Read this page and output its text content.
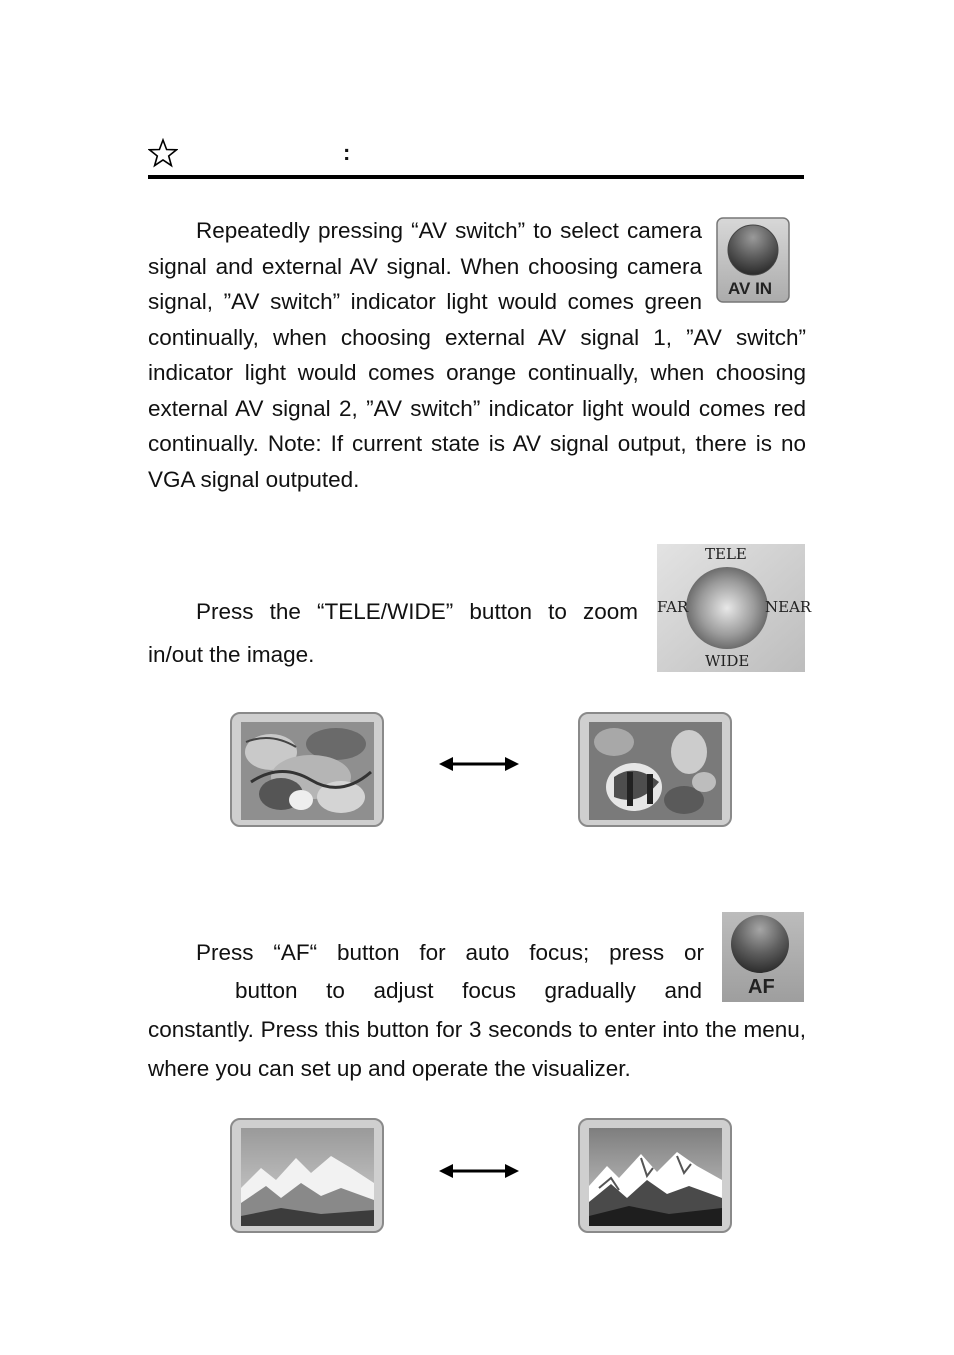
:
AV IN

Repeatedly pressing “AV switch” to select camera signal and external AV signal. When choosing camera signal, ”AV switch” indicator light would comes green continually, when choosing external AV signal 1, ”AV switch” indicator light would comes orange continually, when choosing external AV signal 2, ”AV switch” indicator light would comes red continually. Note: If current state is AV signal output, there is no VGA signal outputed.

TELE
WIDE
FAR	NEAR

Press the “TELE/WIDE” button to zoom in/out the image.

AF

Press “AF“ button for auto focus; press or

button to adjust focus gradually and

constantly. Press this button for 3 seconds to enter into the menu, where you can set up and operate the visualizer.
